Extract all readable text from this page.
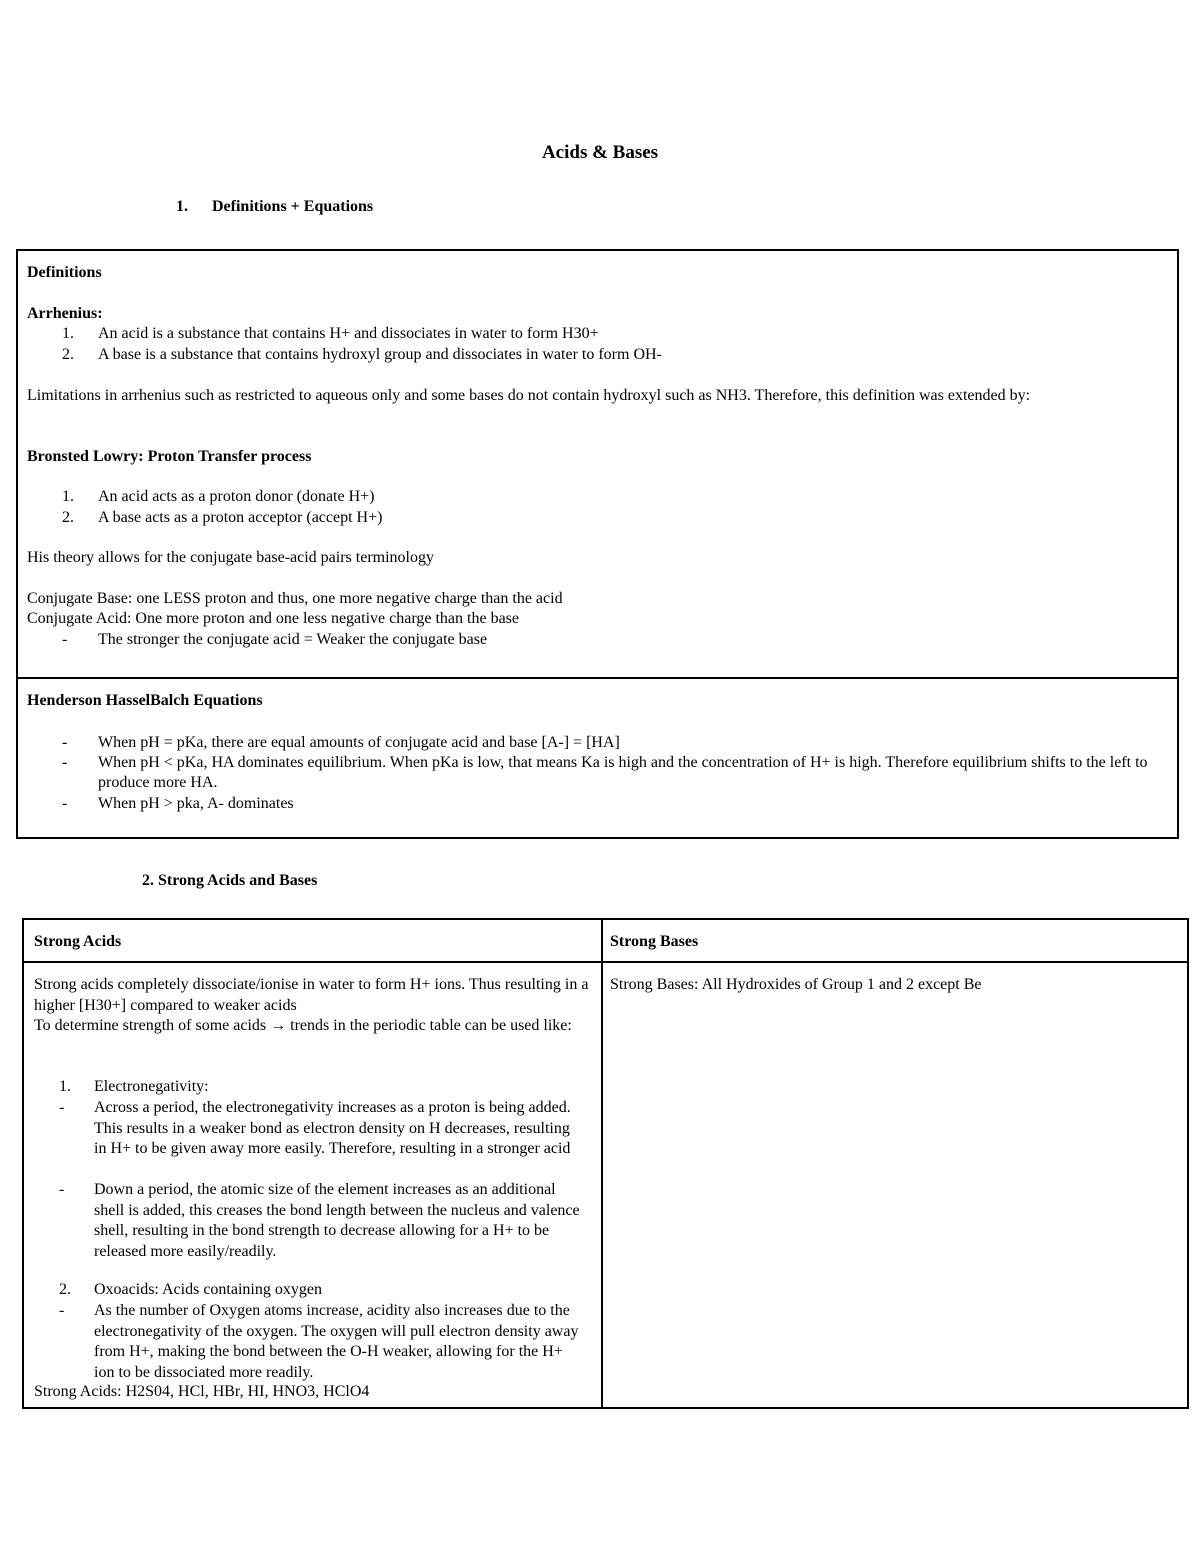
Acids & Bases
1. Definitions + Equations
Definitions
Arrhenius:
1. An acid is a substance that contains H+ and dissociates in water to form H30+
2. A base is a substance that contains hydroxyl group and dissociates in water to form OH-
Limitations in arrhenius such as restricted to aqueous only and some bases do not contain hydroxyl such as NH3. Therefore, this definition was extended by:
Bronsted Lowry: Proton Transfer process
1. An acid acts as a proton donor (donate H+)
2. A base acts as a proton acceptor (accept H+)
His theory allows for the conjugate base-acid pairs terminology
Conjugate Base: one LESS proton and thus, one more negative charge than the acid
Conjugate Acid: One more proton and one less negative charge than the base
- The stronger the conjugate acid = Weaker the conjugate base
Henderson HasselBalch Equations
- When pH = pKa, there are equal amounts of conjugate acid and base [A-] = [HA]
- When pH < pKa, HA dominates equilibrium. When pKa is low, that means Ka is high and the concentration of H+ is high. Therefore equilibrium shifts to the left to produce more HA.
- When pH > pka, A- dominates
2. Strong Acids and Bases
Strong Acids	Strong Bases
Strong acids completely dissociate/ionise in water to form H+ ions. Thus resulting in a higher [H30+] compared to weaker acids
To determine strength of some acids → trends in the periodic table can be used like:
1. Electronegativity:
- Across a period, the electronegativity increases as a proton is being added. This results in a weaker bond as electron density on H decreases, resulting in H+ to be given away more easily. Therefore, resulting in a stronger acid
- Down a period, the atomic size of the element increases as an additional shell is added, this creases the bond length between the nucleus and valence shell, resulting in the bond strength to decrease allowing for a H+ to be released more easily/readily.
2. Oxoacids: Acids containing oxygen
- As the number of Oxygen atoms increase, acidity also increases due to the electronegativity of the oxygen. The oxygen will pull electron density away from H+, making the bond between the O-H weaker, allowing for the H+ ion to be dissociated more readily.
Strong Acids: H2S04, HCl, HBr, HI, HNO3, HClO4
Strong Bases: All Hydroxides of Group 1 and 2 except Be
